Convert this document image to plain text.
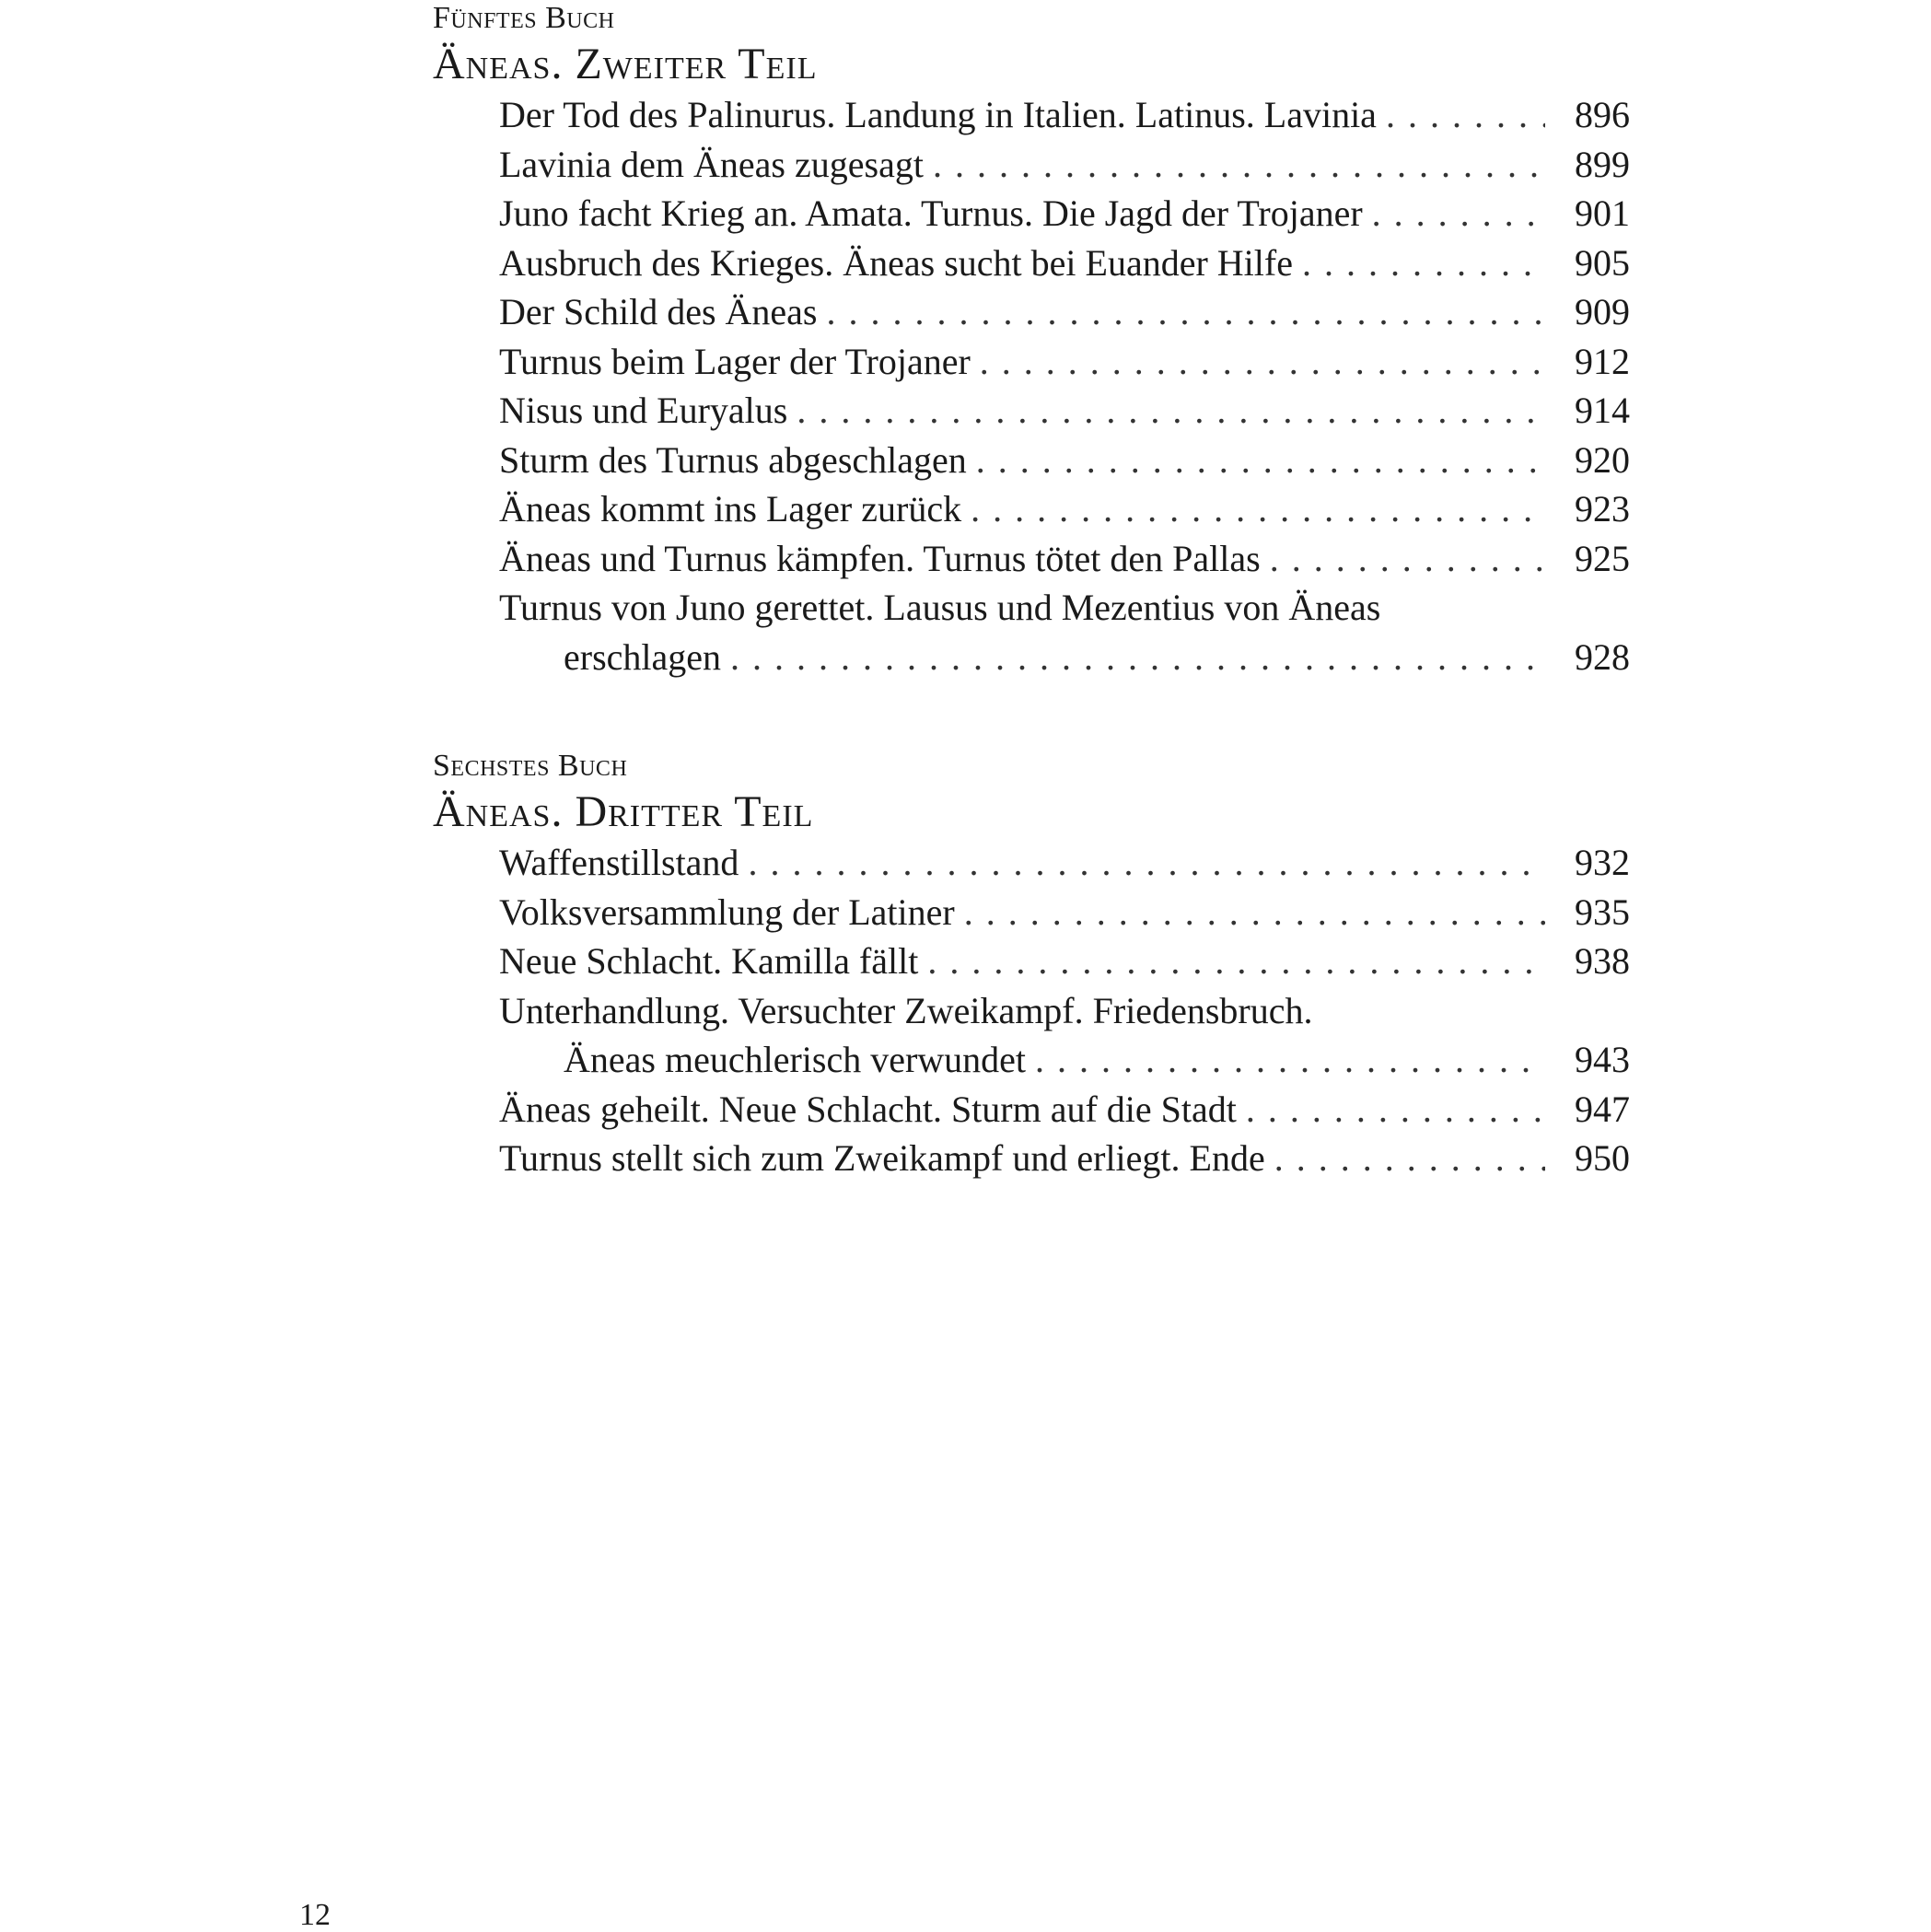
Fünftes Buch
Äneas. Zweiter Teil
Der Tod des Palinurus. Landung in Italien. Latinus. Lavinia . . .	896
Lavinia dem Äneas zugesagt . . .	899
Juno facht Krieg an. Amata. Turnus. Die Jagd der Trojaner . . .	901
Ausbruch des Krieges. Äneas sucht bei Euander Hilfe . . .	905
Der Schild des Äneas . . .	909
Turnus beim Lager der Trojaner . . .	912
Nisus und Euryalus . . .	914
Sturm des Turnus abgeschlagen . . .	920
Äneas kommt ins Lager zurück . . .	923
Äneas und Turnus kämpfen. Turnus tötet den Pallas . . .	925
Turnus von Juno gerettet. Lausus und Mezentius von Äneas
erschlagen . . .	928
Sechstes Buch
Äneas. Dritter Teil
Waffenstillstand . . .	932
Volksversammlung der Latiner . . .	935
Neue Schlacht. Kamilla fällt . . .	938
Unterhandlung. Versuchter Zweikampf. Friedensbruch.
Äneas meuchlerisch verwundet . . .	943
Äneas geheilt. Neue Schlacht. Sturm auf die Stadt . . .	947
Turnus stellt sich zum Zweikampf und erliegt. Ende . . .	950
12
